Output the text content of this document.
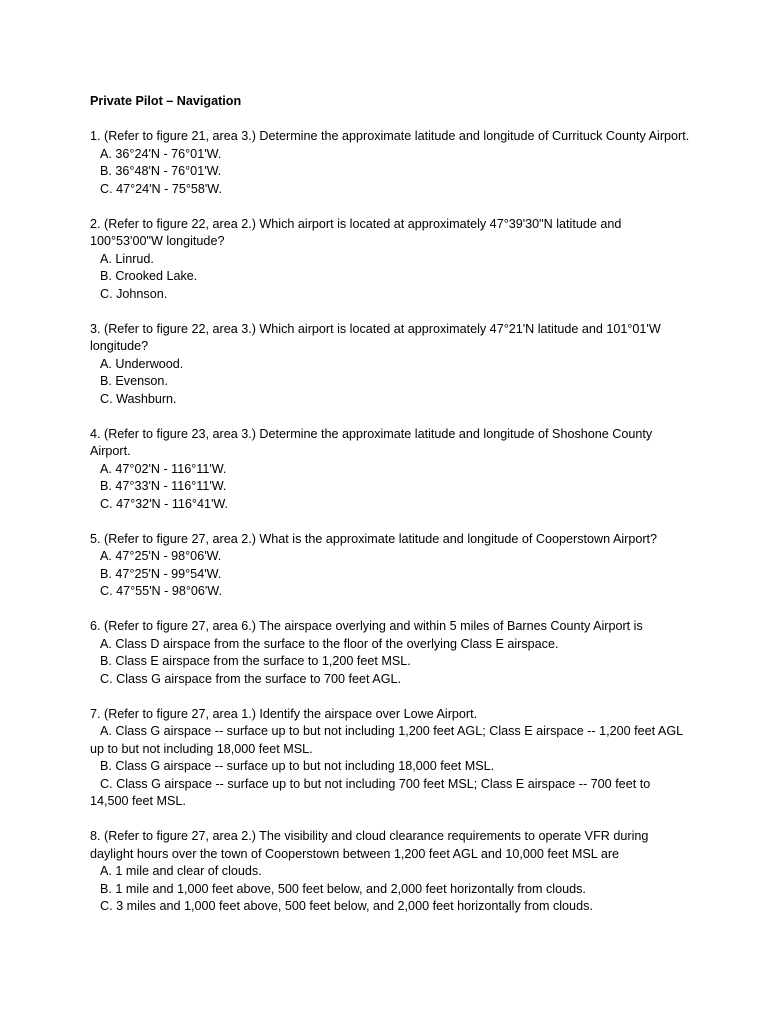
Private Pilot – Navigation
1. (Refer to figure 21, area 3.) Determine the approximate latitude and longitude of Currituck County Airport.
A. 36°24'N - 76°01'W.
B. 36°48'N - 76°01'W.
C. 47°24'N - 75°58'W.
2. (Refer to figure 22, area 2.) Which airport is located at approximately 47°39'30"N latitude and 100°53'00"W longitude?
A. Linrud.
B. Crooked Lake.
C. Johnson.
3. (Refer to figure 22, area 3.) Which airport is located at approximately 47°21'N latitude and 101°01'W longitude?
A. Underwood.
B. Evenson.
C. Washburn.
4. (Refer to figure 23, area 3.) Determine the approximate latitude and longitude of Shoshone County Airport.
A. 47°02'N - 116°11'W.
B. 47°33'N - 116°11'W.
C. 47°32'N - 116°41'W.
5. (Refer to figure 27, area 2.) What is the approximate latitude and longitude of Cooperstown Airport?
A. 47°25'N - 98°06'W.
B. 47°25'N - 99°54'W.
C. 47°55'N - 98°06'W.
6. (Refer to figure 27, area 6.) The airspace overlying and within 5 miles of Barnes County Airport is
A. Class D airspace from the surface to the floor of the overlying Class E airspace.
B. Class E airspace from the surface to 1,200 feet MSL.
C. Class G airspace from the surface to 700 feet AGL.
7. (Refer to figure 27, area 1.) Identify the airspace over Lowe Airport.
A. Class G airspace -- surface up to but not including 1,200 feet AGL; Class E airspace -- 1,200 feet AGL up to but not including 18,000 feet MSL.
B. Class G airspace -- surface up to but not including 18,000 feet MSL.
C. Class G airspace -- surface up to but not including 700 feet MSL; Class E airspace -- 700 feet to 14,500 feet MSL.
8. (Refer to figure 27, area 2.) The visibility and cloud clearance requirements to operate VFR during daylight hours over the town of Cooperstown between 1,200 feet AGL and 10,000 feet MSL are
A. 1 mile and clear of clouds.
B. 1 mile and 1,000 feet above, 500 feet below, and 2,000 feet horizontally from clouds.
C. 3 miles and 1,000 feet above, 500 feet below, and 2,000 feet horizontally from clouds.
